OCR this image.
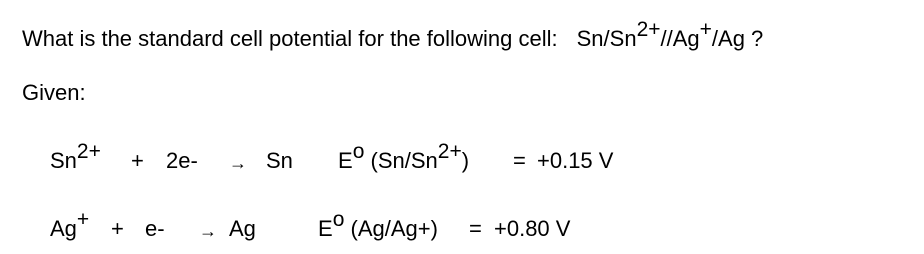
What is the standard cell potential for the following cell: $Sn/Sn^{2+}//Ag^+/Ag$ ?
Given:
$Sn^{2+} + 2e- \to Sn$ $E^o$ $(Sn/Sn^{2+}) = +0.15$ V
Ag+ + e- → Ag	$E^o$ (Ag/Ag+) = +0.80 V
